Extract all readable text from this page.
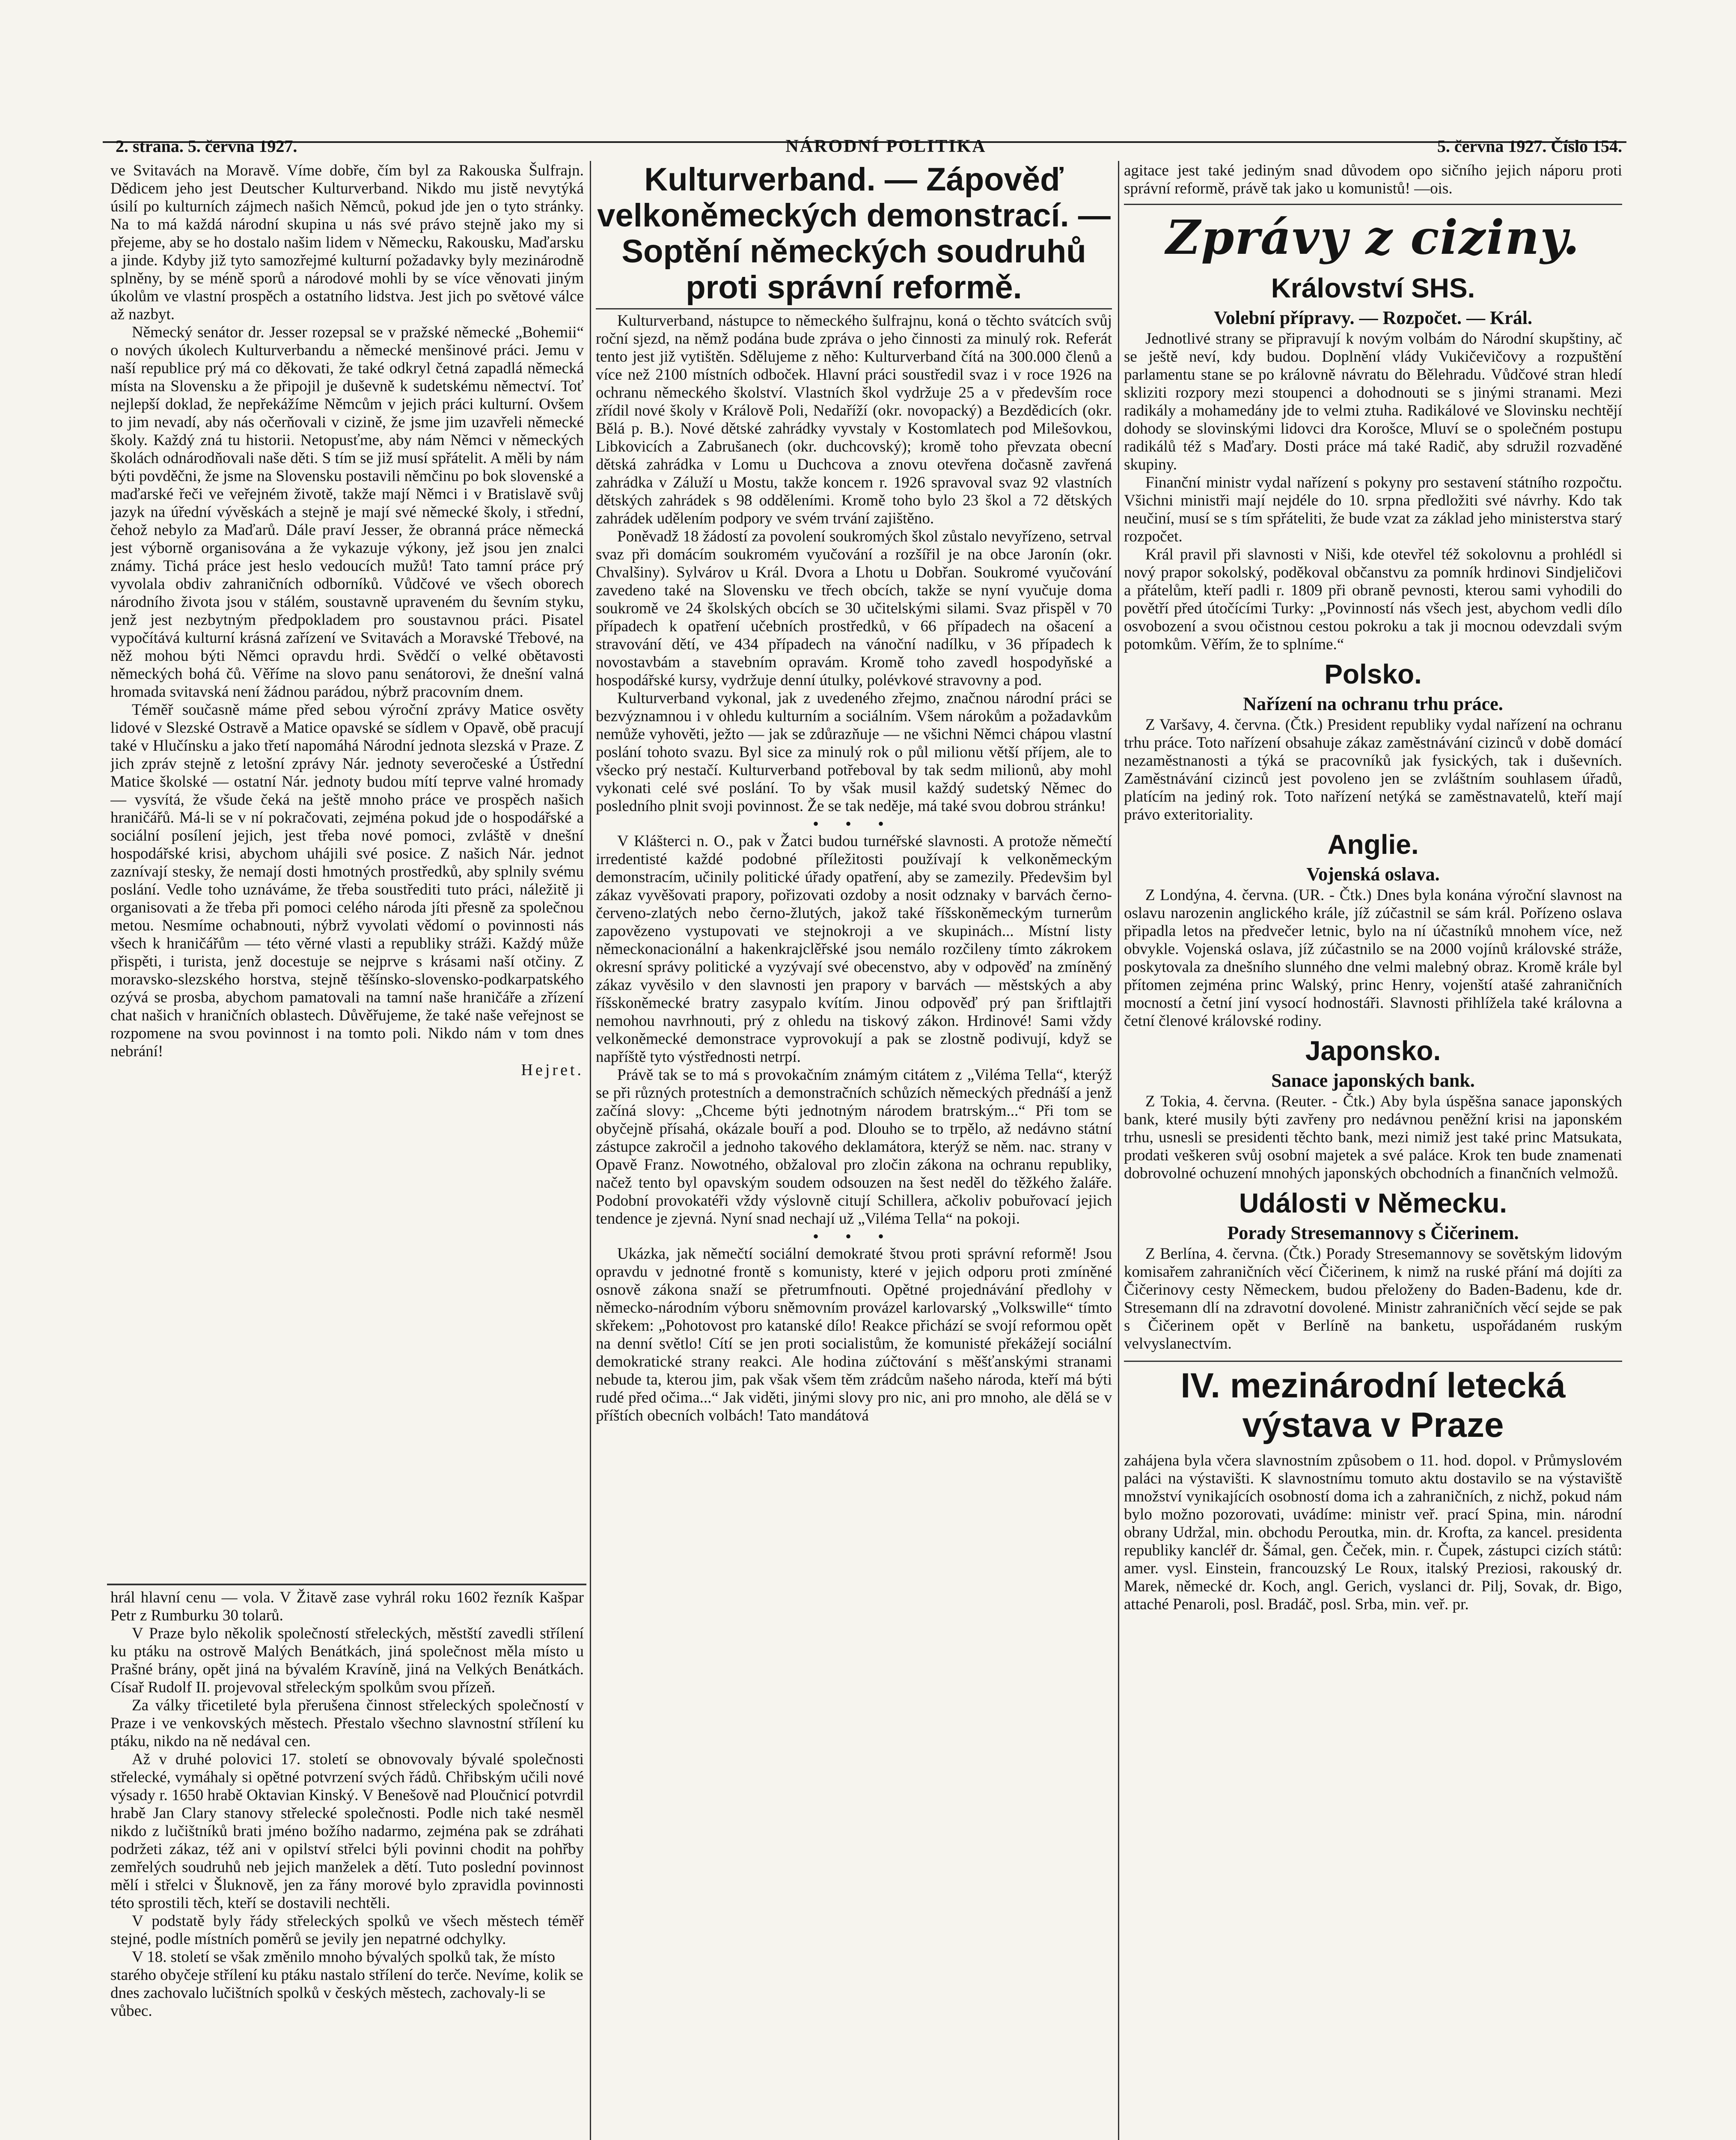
2. strana. 5. června 1927.	NÁRODNÍ POLITIKA	5. června 1927. Číslo 154.

ve Svitavách na Moravě. Víme dobře, čím byl za Rakouska Šulfrajn. Dědicem jeho jest Deutscher Kulturverband. Nikdo mu jistě nevytýká úsilí po kulturních zájmech našich Němců, pokud jde jen o tyto stránky. Na to má každá národní skupina u nás své právo stejně jako my si přejeme, aby se ho dostalo našim lidem v Německu, Rakousku, Maďarsku a jinde. Kdyby již tyto samozřejmé kulturní požadavky byly mezinárodně splněny, by se méně sporů a národové mohli by se více věnovati jiným úkolům ve vlastní prospěch a ostatního lidstva. Jest jich po světové válce až nazbyt.

Německý senátor dr. Jesser rozepsal se v pražské německé „Bohemii“ o nových úkolech Kulturverbandu a německé menšinové práci. Jemu v naší republice prý má co děkovati, že také odkryl četná zapadlá německá místa na Slovensku a že připojil je duševně k sudetskému němectví. Toť nejlepší doklad, že nepřekážíme Němcům v jejich práci kulturní. Ovšem to jim nevadí, aby nás očerňovali v cizině, že jsme jim uzavřeli německé školy. Každý zná tu historii. Netopusťme, aby nám Němci v německých školách odnárodňovali naše děti. S tím se již musí spřátelit. A měli by nám býti povděčni, že jsme na Slovensku postavili němčinu po bok slovenské a maďarské řeči ve veřejném životě, takže mají Němci i v Bratislavě svůj jazyk na úřední vývěskách a stejně je mají své německé školy, i střední, čehož nebylo za Maďarů. Dále praví Jesser, že obranná práce německá jest výborně organisována a že vykazuje výkony, jež jsou jen znalci známy. Tichá práce jest heslo vedoucích mužů! Tato tamní práce prý vyvolala obdiv zahraničních odborníků. Vůdčové ve všech oborech národního života jsou v stálém, soustavně upraveném du ševním styku, jenž jest nezbytným předpokladem pro soustavnou práci. Pisatel vypočítává kulturní krásná zařízení ve Svitavách a Moravské Třebové, na něž mohou býti Němci opravdu hrdi. Svědčí o velké obětavosti německých bohá čů. Věříme na slovo panu senátorovi, že dnešní valná hromada svitavská není žádnou parádou, nýbrž pracovním dnem.

Téměř současně máme před sebou výroční zprávy Matice osvěty lidové v Slezské Ostravě a Matice opavské se sídlem v Opavě, obě pracují také v Hlučínsku a jako třetí napomáhá Národní jednota slezská v Praze. Z jich zpráv stejně z letošní zprávy Nár. jednoty severočeské a Ústřední Matice školské — ostatní Nár. jednoty budou mítí teprve valné hromady — vysvítá, že všude čeká na ještě mnoho práce ve prospěch našich hraničářů. Má-li se v ní pokračovati, zejména pokud jde o hospodářské a sociální posílení jejich, jest třeba nové pomoci, zvláště v dnešní hospodářské krisi, abychom uhájili své posice. Z našich Nár. jednot zaznívají stesky, že nemají dosti hmotných prostředků, aby splnily svému poslání. Vedle toho uznáváme, že třeba soustřediti tuto práci, náležitě ji organisovati a že třeba při pomoci celého národa jíti přesně za společnou metou. Nesmíme ochabnouti, nýbrž vyvolati vědomí o povinnosti nás všech k hraničářům — této věrné vlasti a republiky stráži. Každý může přispěti, i turista, jenž docestuje se nejprve s krásami naší otčiny. Z moravsko-slezského horstva, stejně těšínsko-slovensko-podkarpatského ozývá se prosba, abychom pamatovali na tamní naše hraničáře a zřízení chat našich v hraničních oblastech. Důvěřujeme, že také naše veřejnost se rozpomene na svou povinnost i na tomto poli. Nikdo nám v tom dnes nebrání!

Hejret.

hrál hlavní cenu — vola. V Žitavě zase vyhrál roku 1602 řezník Kašpar Petr z Rumburku 30 tolarů.

V Praze bylo několik společností střeleckých, městští zavedli střílení ku ptáku na ostrově Malých Benátkách, jiná společnost měla místo u Prašné brány, opět jiná na bývalém Kravíně, jiná na Velkých Benátkách. Císař Rudolf II. projevoval střeleckým spolkům svou přízeň.

Za války třicetileté byla přerušena činnost střeleckých společností v Praze i ve venkovských městech. Přestalo všechno slavnostní střílení ku ptáku, nikdo na ně nedával cen.

Až v druhé polovici 17. století se obnovovaly bývalé společnosti střelecké, vymáhaly si opětné potvrzení svých řádů. Chřibským učili nové výsady r. 1650 hrabě Oktavian Kinský. V Benešově nad Ploučnicí potvrdil hrabě Jan Clary stanovy střelecké společnosti. Podle nich také nesměl nikdo z lučištníků brati jméno božího nadarmo, zejména pak se zdráhati podržeti zákaz, též ani v opilství střelci býli povinni chodit na pohřby zemřelých soudruhů neb jejich manželek a dětí. Tuto poslední povinnost mělí i střelci v Šluknově, jen za řány morové bylo zpravidla povinnosti této sprostili těch, kteří se dostavili nechtěli.

V podstatě byly řády střeleckých spolků ve všech městech téměř stejné, podle místních poměrů se jevily jen nepatrné odchylky.

V 18. století se však změnilo mnoho bývalých spolků tak, že místo starého obyčeje střílení ku ptáku nastalo střílení do terče. Nevíme, kolik se dnes zachovalo lučištních spolků v českých městech, zachovaly-li se vůbec.

Kulturverband. — Zápověď velkoněmeckých demonstrací. — Soptění německých soudruhů proti správní reformě.

Kulturverband, nástupce to německého šulfrajnu, koná o těchto svátcích svůj roční sjezd, na němž podána bude zpráva o jeho činnosti za minulý rok. Referát tento jest již vytištěn. Sdělujeme z něho: Kulturverband čítá na 300.000 členů a více než 2100 místních odboček. Hlavní práci soustředil svaz i v roce 1926 na ochranu německého školství. Vlastních škol vydržuje 25 a v především roce zřídil nové školy v Králově Poli, Nedaříží (okr. novopacký) a Bezdědicích (okr. Bělá p. B.). Nové dětské zahrádky vyvstaly v Kostomlatech pod Milešovkou, Libkovicích a Zabrušanech (okr. duchcovský); kromě toho převzata obecní dětská zahrádka v Lomu u Duchcova a znovu otevřena dočasně zavřená zahrádka v Záluží u Mostu, takže koncem r. 1926 spravoval svaz 92 vlastních dětských zahrádek s 98 odděleními. Kromě toho bylo 23 škol a 72 dětských zahrádek udělením podpory ve svém trvání zajištěno.

Poněvadž 18 žádostí za povolení soukromých škol zůstalo nevyřízeno, setrval svaz při domácím soukromém vyučování a rozšířil je na obce Jaronín (okr. Chvalšiny). Sylvárov u Král. Dvora a Lhotu u Dobřan. Soukromé vyučování zavedeno také na Slovensku ve třech obcích, takže se nyní vyučuje doma soukromě ve 24 školských obcích se 30 učitelskými silami. Svaz přispěl v 70 případech k opatření učebních prostředků, v 66 případech na ošacení a stravování dětí, ve 434 případech na vánoční nadílku, v 36 případech k novostavbám a stavebním opravám. Kromě toho zavedl hospodyňské a hospodářské kursy, vydržuje denní útulky, polévkové stravovny a pod.

Kulturverband vykonal, jak z uvedeného zřejmo, značnou národní práci se bezvýznamnou i v ohledu kulturním a sociálním. Všem nárokům a požadavkům nemůže vyhověti, ježto — jak se zdůrazňuje — ne všichni Němci chápou vlastní poslání tohoto svazu. Byl sice za minulý rok o půl milionu větší příjem, ale to všecko prý nestačí. Kulturverband potřeboval by tak sedm milionů, aby mohl vykonati celé své poslání. To by však musil každý sudetský Němec do posledního plnit svoji povinnost. Že se tak neděje, má také svou dobrou stránku!

• • •

V Klášterci n. O., pak v Žatci budou turnéřské slavnosti. A protože němečtí irredentisté každé podobné příležitosti používají k velkoněmeckým demonstracím, učinily politické úřady opatření, aby se zamezily. Předevšim byl zákaz vyvěšovati prapory, pořizovati ozdoby a nosit odznaky v barvách černo-červeno-zlatých nebo černo-žlutých, jakož také říšskoněmeckým turnerům zapovězeno vystupovati ve stejnokroji a ve skupinách... Místní listy německonacionální a hakenkrajclěřské jsou nemálo rozčileny tímto zákrokem okresní správy politické a vyzývají své obecenstvo, aby v odpověď na zmíněný zákaz vyvěsilo v den slavnosti jen prapory v barvách — městských a aby říšskoněmecké bratry zasypalo kvítím. Jinou odpověď prý pan šriftlajtři nemohou navrhnouti, prý z ohledu na tiskový zákon. Hrdinové! Sami vždy velkoněmecké demonstrace vyprovokují a pak se zlostně podivují, když se napříště tyto výstřednosti netrpí.

Právě tak se to má s provokačním známým citátem z „Viléma Tella“, kterýž se při různých protestních a demonstračních schůzích německých přednáší a jenž začíná slovy: „Chceme býti jednotným národem bratrským...“ Při tom se obyčejně přísahá, okázale bouří a pod. Dlouho se to trpělo, až nedávno státní zástupce zakročil a jednoho takového deklamátora, kterýž se něm. nac. strany v Opavě Franz. Nowotného, obžaloval pro zločin zákona na ochranu republiky, načež tento byl opavským soudem odsouzen na šest neděl do těžkého žaláře. Podobní provokatéři vždy výslovně citují Schillera, ačkoliv pobuřovací jejich tendence je zjevná. Nyní snad nechají už „Viléma Tella“ na pokoji.

• • •

Ukázka, jak němečtí sociální demokraté štvou proti správní reformě! Jsou opravdu v jednotné frontě s komunisty, které v jejich odporu proti zmíněné osnově zákona snaží se přetrumfnouti. Opětné projednávání předlohy v německo-národním výboru sněmovním provázel karlovarský „Volkswille“ tímto skřekem: „Pohotovost pro katanské dílo! Reakce přichází se svojí reformou opět na denní světlo! Cítí se jen proti socialistům, že komunisté překážejí sociální demokratické strany reakci. Ale hodina zúčtování s měšťanskými stranami nebude ta, kterou jim, pak však všem těm zrádcům našeho národa, kteří má býti rudé před očima...“ Jak viděti, jinými slovy pro nic, ani pro mnoho, ale dělá se v příštích obecních volbách! Tato mandátová

agitace jest také jediným snad důvodem opo sičního jejich náporu proti správní reformě, právě tak jako u komunistů! —ois.

Zprávy z ciziny.
Království SHS.
Volební přípravy. — Rozpočet. — Král.

Jednotlivé strany se připravují k novým volbám do Národní skupštiny, ač se ještě neví, kdy budou. Doplnění vlády Vukičevičovy a rozpuštění parlamentu stane se po královně návratu do Bělehradu. Vůdčové stran hledí skliziti rozpory mezi stoupenci a dohodnouti se s jinými stranami. Mezi radikály a mohamedány jde to velmi ztuha. Radikálové ve Slovinsku nechtějí dohody se slovinskými lidovci dra Korošce, Mluví se o společném postupu radikálů též s Maďary. Dosti práce má také Radič, aby sdružil rozvaděné skupiny.

Finanční ministr vydal nařízení s pokyny pro sestavení státního rozpočtu. Všichni ministři mají nejdéle do 10. srpna předložiti své návrhy. Kdo tak neučiní, musí se s tím spřáteliti, že bude vzat za základ jeho ministerstva starý rozpočet.

Král pravil při slavnosti v Niši, kde otevřel též sokolovnu a prohlédl si nový prapor sokolský, poděkoval občanstvu za pomník hrdinovi Sindjeličovi a přátelům, kteří padli r. 1809 při obraně pevnosti, kterou sami vyhodili do povětří před útočícími Turky: „Povinností nás všech jest, abychom vedli dílo osvobození a svou očistnou cestou pokroku a tak ji mocnou odevzdali svým potomkům. Věřím, že to splníme.“

Polsko.
Nařízení na ochranu trhu práce.

Z Varšavy, 4. června. (Čtk.) President republiky vydal nařízení na ochranu trhu práce. Toto nařízení obsahuje zákaz zaměstnávání cizinců v době domácí nezaměstnanosti a týká se pracovníků jak fysických, tak i duševních. Zaměstnávání cizinců jest povoleno jen se zvláštním souhlasem úřadů, platícím na jediný rok. Toto nařízení netýká se zaměstnavatelů, kteří mají právo exteritoriality.

Anglie.
Vojenská oslava.

Z Londýna, 4. června. (UR. - Čtk.) Dnes byla konána výroční slavnost na oslavu narozenin anglického krále, jíž zúčastnil se sám král. Pořízeno oslava připadla letos na předvečer letnic, bylo na ní účastníků mnohem více, než obvykle. Vojenská oslava, jíž zúčastnilo se na 2000 vojínů královské stráže, poskytovala za dnešního slunného dne velmi malebný obraz. Kromě krále byl přítomen zejména princ Walský, princ Henry, vojenští atašé zahraničních mocností a četní jiní vysocí hodnostáři. Slavnosti přihlížela také královna a četní členové královské rodiny.

Japonsko.
Sanace japonských bank.

Z Tokia, 4. června. (Reuter. - Čtk.) Aby byla úspěšna sanace japonských bank, které musily býti zavřeny pro nedávnou peněžní krisi na japonském trhu, usnesli se presidenti těchto bank, mezi nimiž jest také princ Matsukata, prodati veškeren svůj osobní majetek a své paláce. Krok ten bude znamenati dobrovolné ochuzení mnohých japonských obchodních a finančních velmožů.

Události v Německu.
Porady Stresemannovy s Čičerinem.

Z Berlína, 4. června. (Čtk.) Porady Stresemannovy se sovětským lidovým komisařem zahraničních věcí Čičerinem, k nimž na ruské přání má dojíti za Čičerinovy cesty Německem, budou přeloženy do Baden-Badenu, kde dr. Stresemann dlí na zdravotní dovolené. Ministr zahraničních věcí sejde se pak s Čičerinem opět v Berlíně na banketu, uspořádaném ruským velvyslanectvím.

IV. mezinárodní letecká výstava v Praze

zahájena byla včera slavnostním způsobem o 11. hod. dopol. v Průmyslovém paláci na výstavišti. K slavnostnímu tomuto aktu dostavilo se na výstaviště množství vynikajících osobností doma ich a zahraničních, z nichž, pokud nám bylo možno pozorovati, uvádíme: ministr veř. prací Spina, min. národní obrany Udržal, min. obchodu Peroutka, min. dr. Krofta, za kancel. presidenta republiky kancléř dr. Šámal, gen. Čeček, min. r. Čupek, zástupci cizích států: amer. vysl. Einstein, francouzský Le Roux, italský Preziosi, rakouský dr. Marek, německé dr. Koch, angl. Gerich, vyslanci dr. Pilj, Sovak, dr. Bigo, attaché Penaroli, posl. Bradáč, posl. Srba, min. veř. pr.
